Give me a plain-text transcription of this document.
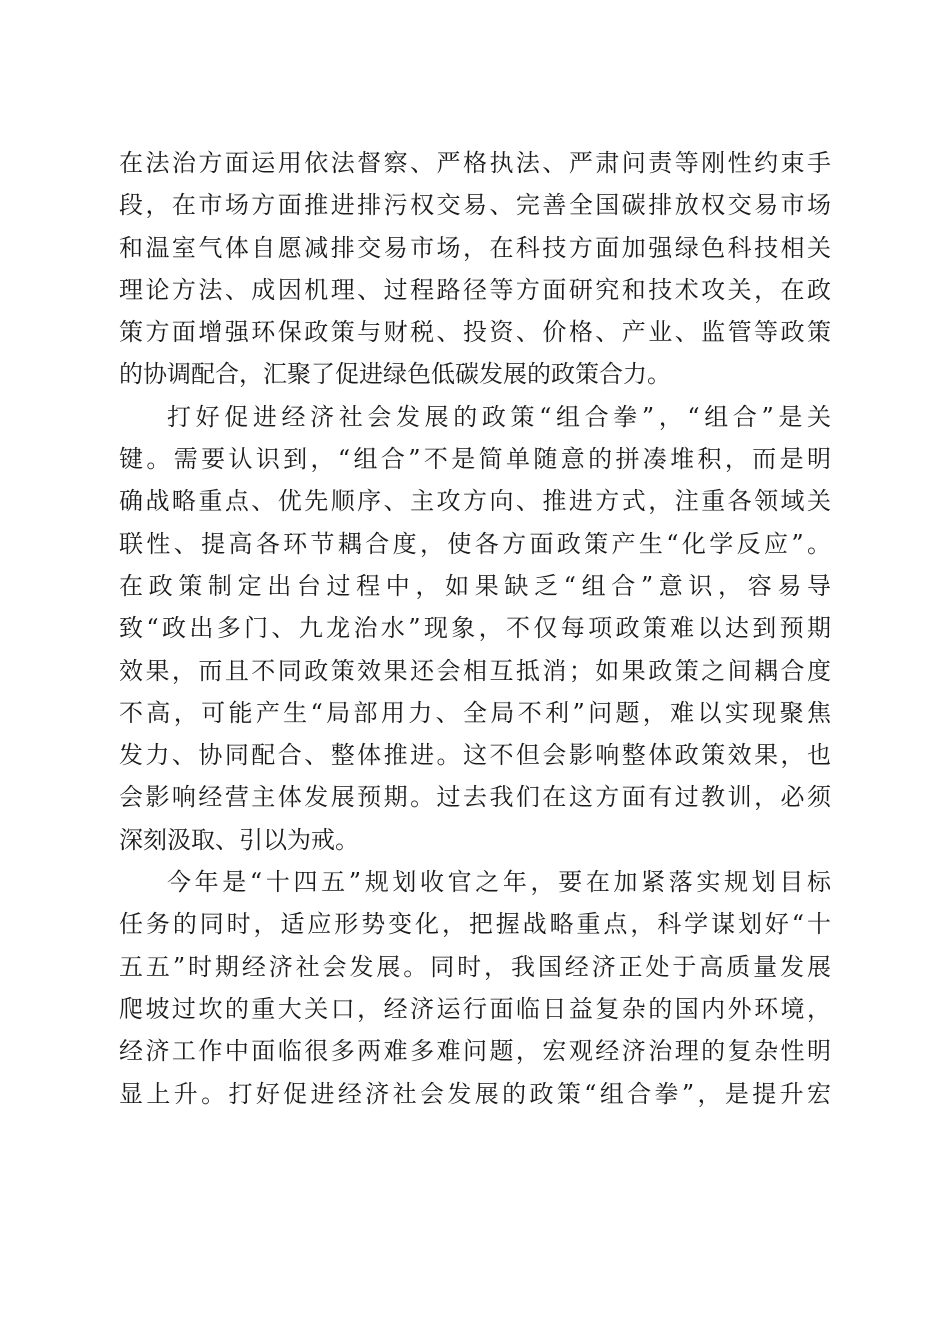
在法治方面运用依法督察、严格执法、严肃问责等刚性约束手
段，在市场方面推进排污权交易、完善全国碳排放权交易市场
和温室气体自愿减排交易市场，在科技方面加强绿色科技相关
理论方法、成因机理、过程路径等方面研究和技术攻关，在政
策方面增强环保政策与财税、投资、价格、产业、监管等政策
的协调配合，汇聚了促进绿色低碳发展的政策合力。
打好促进经济社会发展的政策“组合拳”，“组合”是关
键。需要认识到，“组合”不是简单随意的拼凑堆积，而是明
确战略重点、优先顺序、主攻方向、推进方式，注重各领域关
联性、提高各环节耦合度，使各方面政策产生“化学反应”。
在政策制定出台过程中，如果缺乏“组合”意识，容易导
致“政出多门、九龙治水”现象，不仅每项政策难以达到预期
效果，而且不同政策效果还会相互抵消；如果政策之间耦合度
不高，可能产生“局部用力、全局不利”问题，难以实现聚焦
发力、协同配合、整体推进。这不但会影响整体政策效果，也
会影响经营主体发展预期。过去我们在这方面有过教训，必须
深刻汲取、引以为戒。
今年是“十四五”规划收官之年，要在加紧落实规划目标
任务的同时，适应形势变化，把握战略重点，科学谋划好“十
五五”时期经济社会发展。同时，我国经济正处于高质量发展
爬坡过坎的重大关口，经济运行面临日益复杂的国内外环境，
经济工作中面临很多两难多难问题，宏观经济治理的复杂性明
显上升。打好促进经济社会发展的政策“组合拳”，是提升宏
